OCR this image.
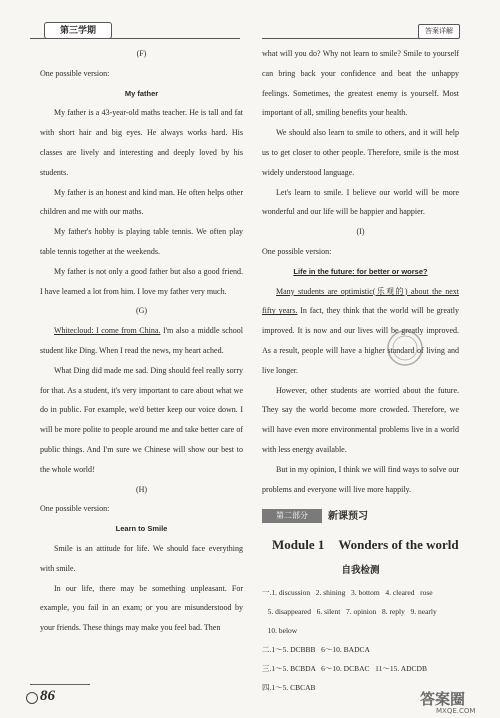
第三学期	答案详解

(F)

One possible version:

My father

My father is a 43-year-old maths teacher. He is tall and fat with short hair and big eyes. He always works hard. His classes are lively and interesting and deeply loved by his students.

My father is an honest and kind man. He often helps other children and me with our maths.

My father's hobby is playing table tennis. We often play table tennis together at the weekends.

My father is not only a good father but also a good friend. I have learned a lot from him. I love my father very much.

(G)

Whitecloud: I come from China. I'm also a middle school student like Ding. When I read the news, my heart ached.

What Ding did made me sad. Ding should feel really sorry for that. As a student, it's very important to care about what we do in public. For example, we'd better keep our voice down. I will be more polite to people around me and take better care of public things. And I'm sure we Chinese will show our best to the whole world!

(H)

One possible version:

Learn to Smile

Smile is an attitude for life. We should face everything with smile.

In our life, there may be something unpleasant. For example, you fail in an exam; or you are misunderstood by your friends. These things may make you feel bad. Then

what will you do? Why not learn to smile? Smile to yourself can bring back your confidence and beat the unhappy feelings. Sometimes, the greatest enemy is yourself. Most important of all, smiling benefits your health.

We should also learn to smile to others, and it will help us to get closer to other people. Therefore, smile is the most widely understood language.

Let's learn to smile. I believe our world will be more wonderful and our life will be happier and happier.

(I)

One possible version:

Life in the future: for better or worse?

Many students are optimistic(乐观的) about the next fifty years. In fact, they think that the world will be greatly improved. It is now and our lives will be greatly improved. As a result, people will have a higher standard of living and live longer.

However, other students are worried about the future. They say the world become more crowded. Therefore, we will have even more environmental problems live in a world with less energy available.

But in my opinion, I think we will find ways to solve our problems and everyone will live more happily.

第二部分	新课预习
Module 1 Wonders of the world
自我检测

一.1. discussion   2. shining   3. bottom   4. cleared   rose

5. disappeared   6. silent   7. opinion   8. reply   9. nearly

10. below

二.1～5. DCBBB   6～10. BADCA

三.1～5. BCBDA   6～10. DCBAC   11～15. ADCDB

四.1～5. CBCAB

86	答案圈
MXQE.COM
